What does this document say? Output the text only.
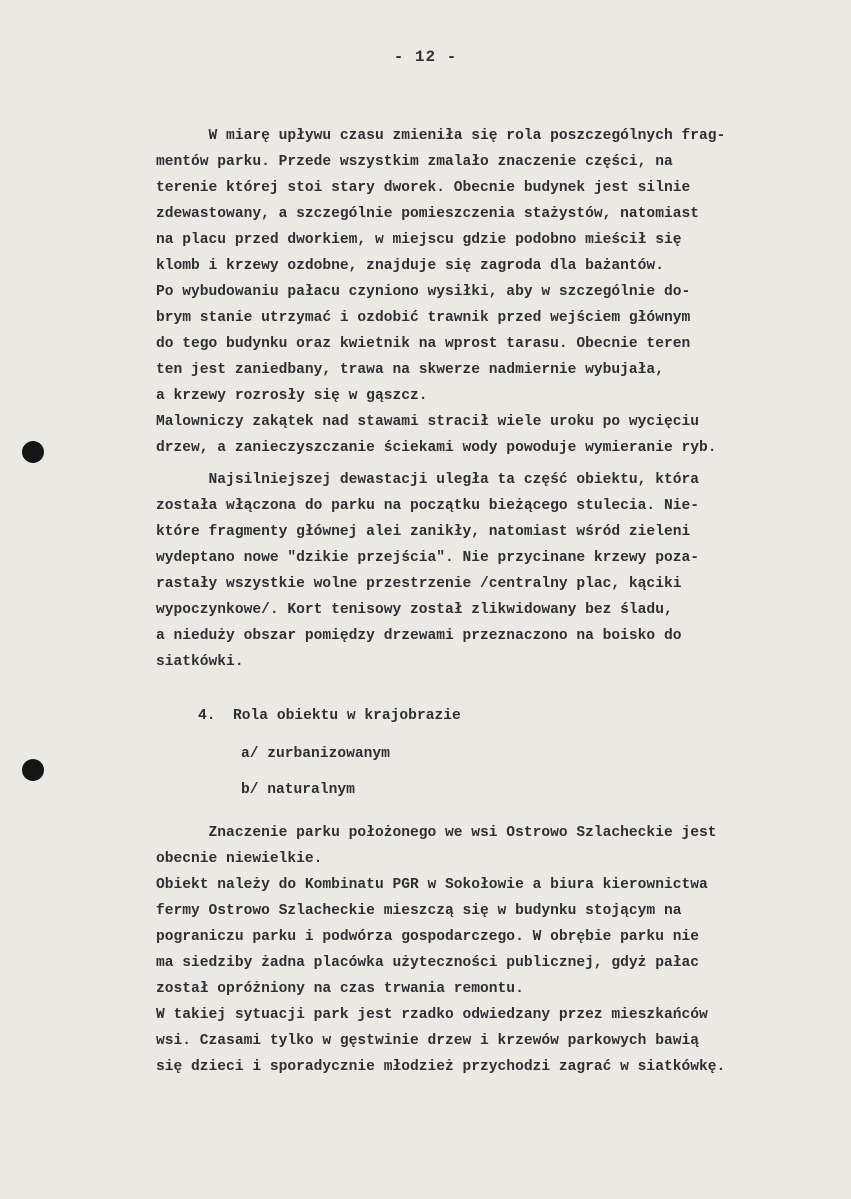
- 12 -
W miarę upływu czasu zmieniła się rola poszczególnych frag-
mentów parku. Przede wszystkim zmalało znaczenie części, na
terenie której stoi stary dworek. Obecnie budynek jest silnie
zdewastowany, a szczególnie pomieszczenia stażystów, natomiast
na placu przed dworkiem, w miejscu gdzie podobno mieścił się
klomb i krzewy ozdobne, znajduje się zagroda dla bażantów.
Po wybudowaniu pałacu czyniono wysiłki, aby w szczególnie do-
brym stanie utrzymać i ozdobić trawnik przed wejściem głównym
do tego budynku oraz kwietnik na wprost tarasu. Obecnie teren
ten jest zaniedbany, trawa na skwerze nadmiernie wybujała,
a krzewy rozrosły się w gąszcz.
Malowniczy zakątek nad stawami stracił wiele uroku po wycięciu
drzew, a zanieczyszczanie ściekami wody powoduje wymieranie ryb.
Najsilniejszej dewastacji uległa ta część obiektu, która
została włączona do parku na początku bieżącego stulecia. Nie-
które fragmenty głównej alei zanikły, natomiast wśród zieleni
wydeptano nowe "dzikie przejścia". Nie przycinane krzewy poza-
rastały wszystkie wolne przestrzenie /centralny plac, kąciki
wypoczynkowe/. Kort tenisowy został zlikwidowany bez śladu,
a nieduży obszar pomiędzy drzewami przeznaczono na boisko do
siatkówki.
4.  Rola obiektu w krajobrazie
a/ zurbanizowanym
b/ naturalnym
Znaczenie parku położonego we wsi Ostrowo Szlacheckie jest
obecnie niewielkie.
Obiekt należy do Kombinatu PGR w Sokołowie a biura kierownictwa
fermy Ostrowo Szlacheckie mieszczą się w budynku stojącym na
pograniczu parku i podwórza gospodarczego. W obrębie parku nie
ma siedziby żadna placówka użyteczności publicznej, gdyż pałac
został opróżniony na czas trwania remontu.
W takiej sytuacji park jest rzadko odwiedzany przez mieszkańców
wsi. Czasami tylko w gęstwinie drzew i krzewów parkowych bawią
się dzieci i sporadycznie młodzież przychodzi zagrać w siatkówkę.
